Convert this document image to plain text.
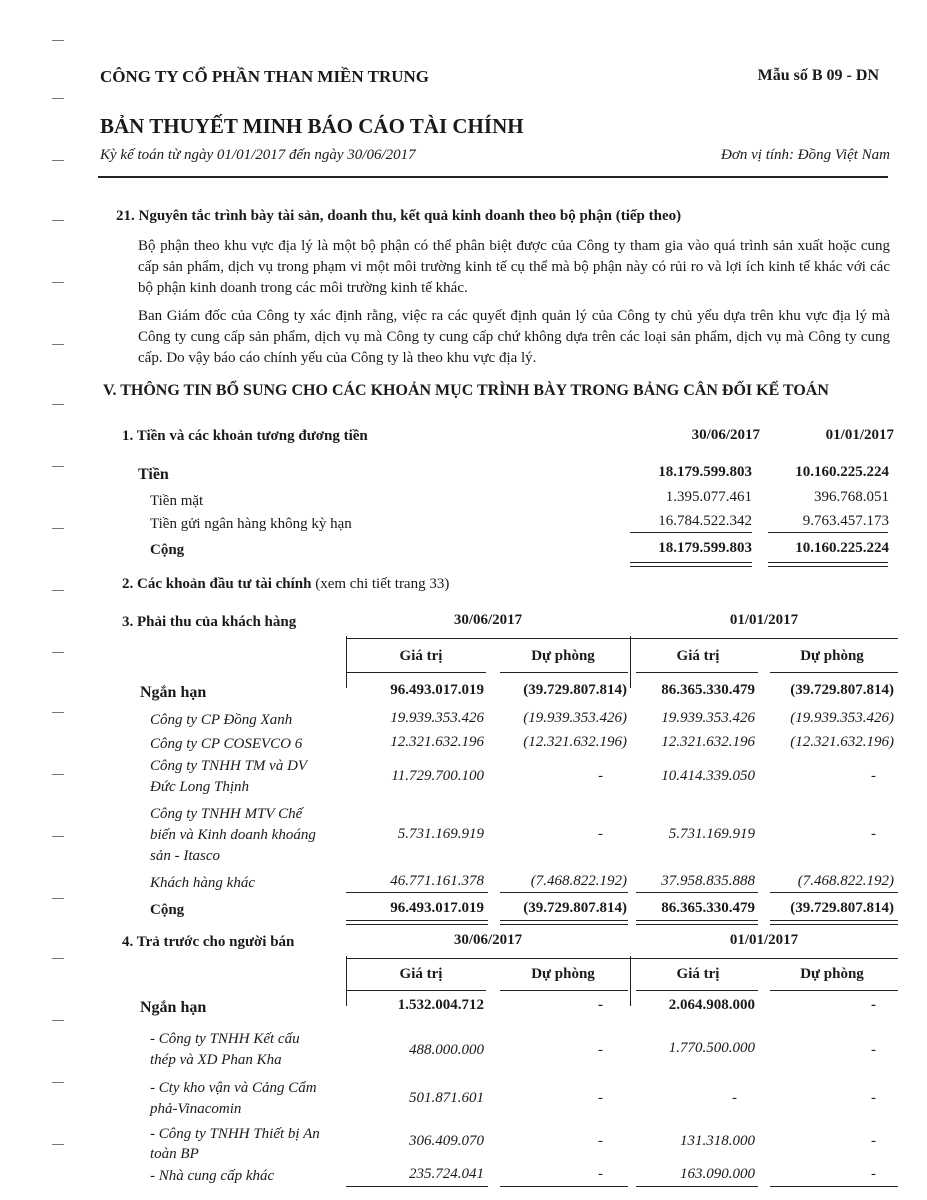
CÔNG TY CỔ PHẦN THAN MIỀN TRUNG	Mẫu số B 09 - DN
BẢN THUYẾT MINH BÁO CÁO TÀI CHÍNH
Kỳ kế toán từ ngày 01/01/2017 đến ngày 30/06/2017	Đơn vị tính: Đồng Việt Nam
21. Nguyên tắc trình bày tài sản, doanh thu, kết quả kinh doanh theo bộ phận (tiếp theo)
Bộ phận theo khu vực địa lý là một bộ phận có thể phân biệt được của Công ty tham gia vào quá trình sản xuất hoặc cung cấp sản phẩm, dịch vụ trong phạm vi một môi trường kinh tế cụ thể mà bộ phận này có rủi ro và lợi ích kinh tế khác với các bộ phận kinh doanh trong các môi trường kinh tế khác.
Ban Giám đốc của Công ty xác định rằng, việc ra các quyết định quản lý của Công ty chủ yếu dựa trên khu vực địa lý mà Công ty cung cấp sản phẩm, dịch vụ mà Công ty cung cấp chứ không dựa trên các loại sản phẩm, dịch vụ mà Công ty cung cấp. Do vậy báo cáo chính yếu của Công ty là theo khu vực địa lý.
V. THÔNG TIN BỔ SUNG CHO CÁC KHOẢN MỤC TRÌNH BÀY TRONG BẢNG CÂN ĐỐI KẾ TOÁN
1. Tiền và các khoản tương đương tiền	30/06/2017	01/01/2017
Tiền	18.179.599.803	10.160.225.224
Tiền mặt	1.395.077.461	396.768.051
Tiền gửi ngân hàng không kỳ hạn	16.784.522.342	9.763.457.173
Cộng	18.179.599.803	10.160.225.224
2. Các khoản đầu tư tài chính (xem chi tiết trang 33)
3. Phải thu của khách hàng	30/06/2017	01/01/2017
Giá trị	Dự phòng	Giá trị	Dự phòng
Ngắn hạn	96.493.017.019	(39.729.807.814) 86.365.330.479 (39.729.807.814)
Công ty CP Đồng Xanh	19.939.353.426	(19.939.353.426) 19.939.353.426 (19.939.353.426)
Công ty CP COSEVCO 6	12.321.632.196	(12.321.632.196) 12.321.632.196 (12.321.632.196)
Công ty TNHH TM và DV
Đức Long Thịnh
11.729.700.100	-	10.414.339.050	-
Công ty TNHH MTV Chế
biến và Kinh doanh khoáng
sản - Itasco
5.731.169.919	-	5.731.169.919	-
Khách hàng khác	46.771.161.378	(7.468.822.192) 37.958.835.888	(7.468.822.192)
Cộng	96.493.017.019	(39.729.807.814) 86.365.330.479 (39.729.807.814)
4. Trả trước cho người bán	30/06/2017	01/01/2017
Giá trị	Dự phòng	Giá trị	Dự phòng
Ngắn hạn	1.532.004.712	-	2.064.908.000	-
- Công ty TNHH Kết cấu
thép và XD Phan Kha
488.000.000	-	1.770.500.000	-
- Cty kho vận và Cảng Cẩm
phả-Vinacomin
501.871.601	-	-	-
- Công ty TNHH Thiết bị An
toàn BP
306.409.070	-	131.318.000	-
- Nhà cung cấp khác	235.724.041	-	163.090.000	-
